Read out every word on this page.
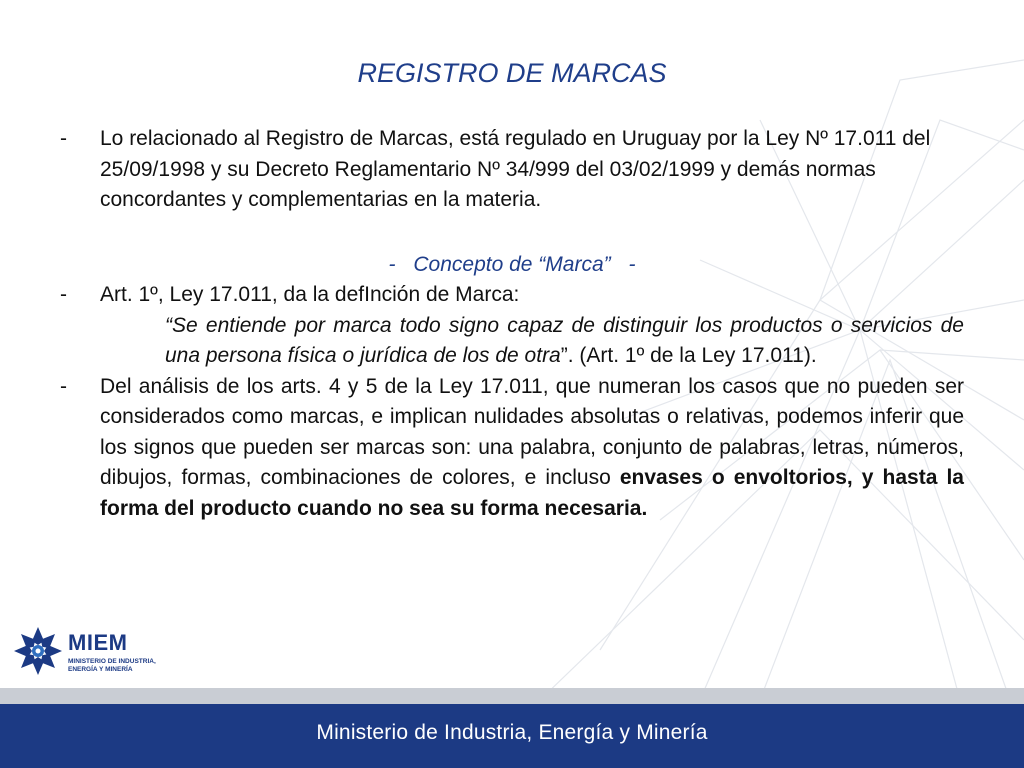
REGISTRO DE MARCAS
- Lo relacionado al Registro de Marcas, está regulado en Uruguay por la Ley Nº 17.011 del 25/09/1998 y su Decreto Reglamentario Nº 34/999 del 03/02/1999 y demás normas concordantes y complementarias en la materia.
- Concepto de “Marca” -
- Art. 1º, Ley 17.011, da la defInción de Marca:
“Se entiende por marca todo signo capaz de distinguir los productos o servicios de una persona física o jurídica de los de otra”. (Art. 1º de la Ley 17.011).
- Del análisis de los arts. 4 y 5 de la Ley 17.011, que numeran los casos que no pueden ser considerados como marcas, e implican nulidades absolutas o relativas, podemos inferir que los signos que pueden ser marcas son: una palabra, conjunto de palabras, letras, números, dibujos, formas, combinaciones de colores, e incluso envases o envoltorios, y hasta la forma del producto cuando no sea su forma necesaria.
MIEM
MINISTERIO DE INDUSTRIA,
ENERGÍA Y MINERÍA
Ministerio de Industria, Energía y Minería
